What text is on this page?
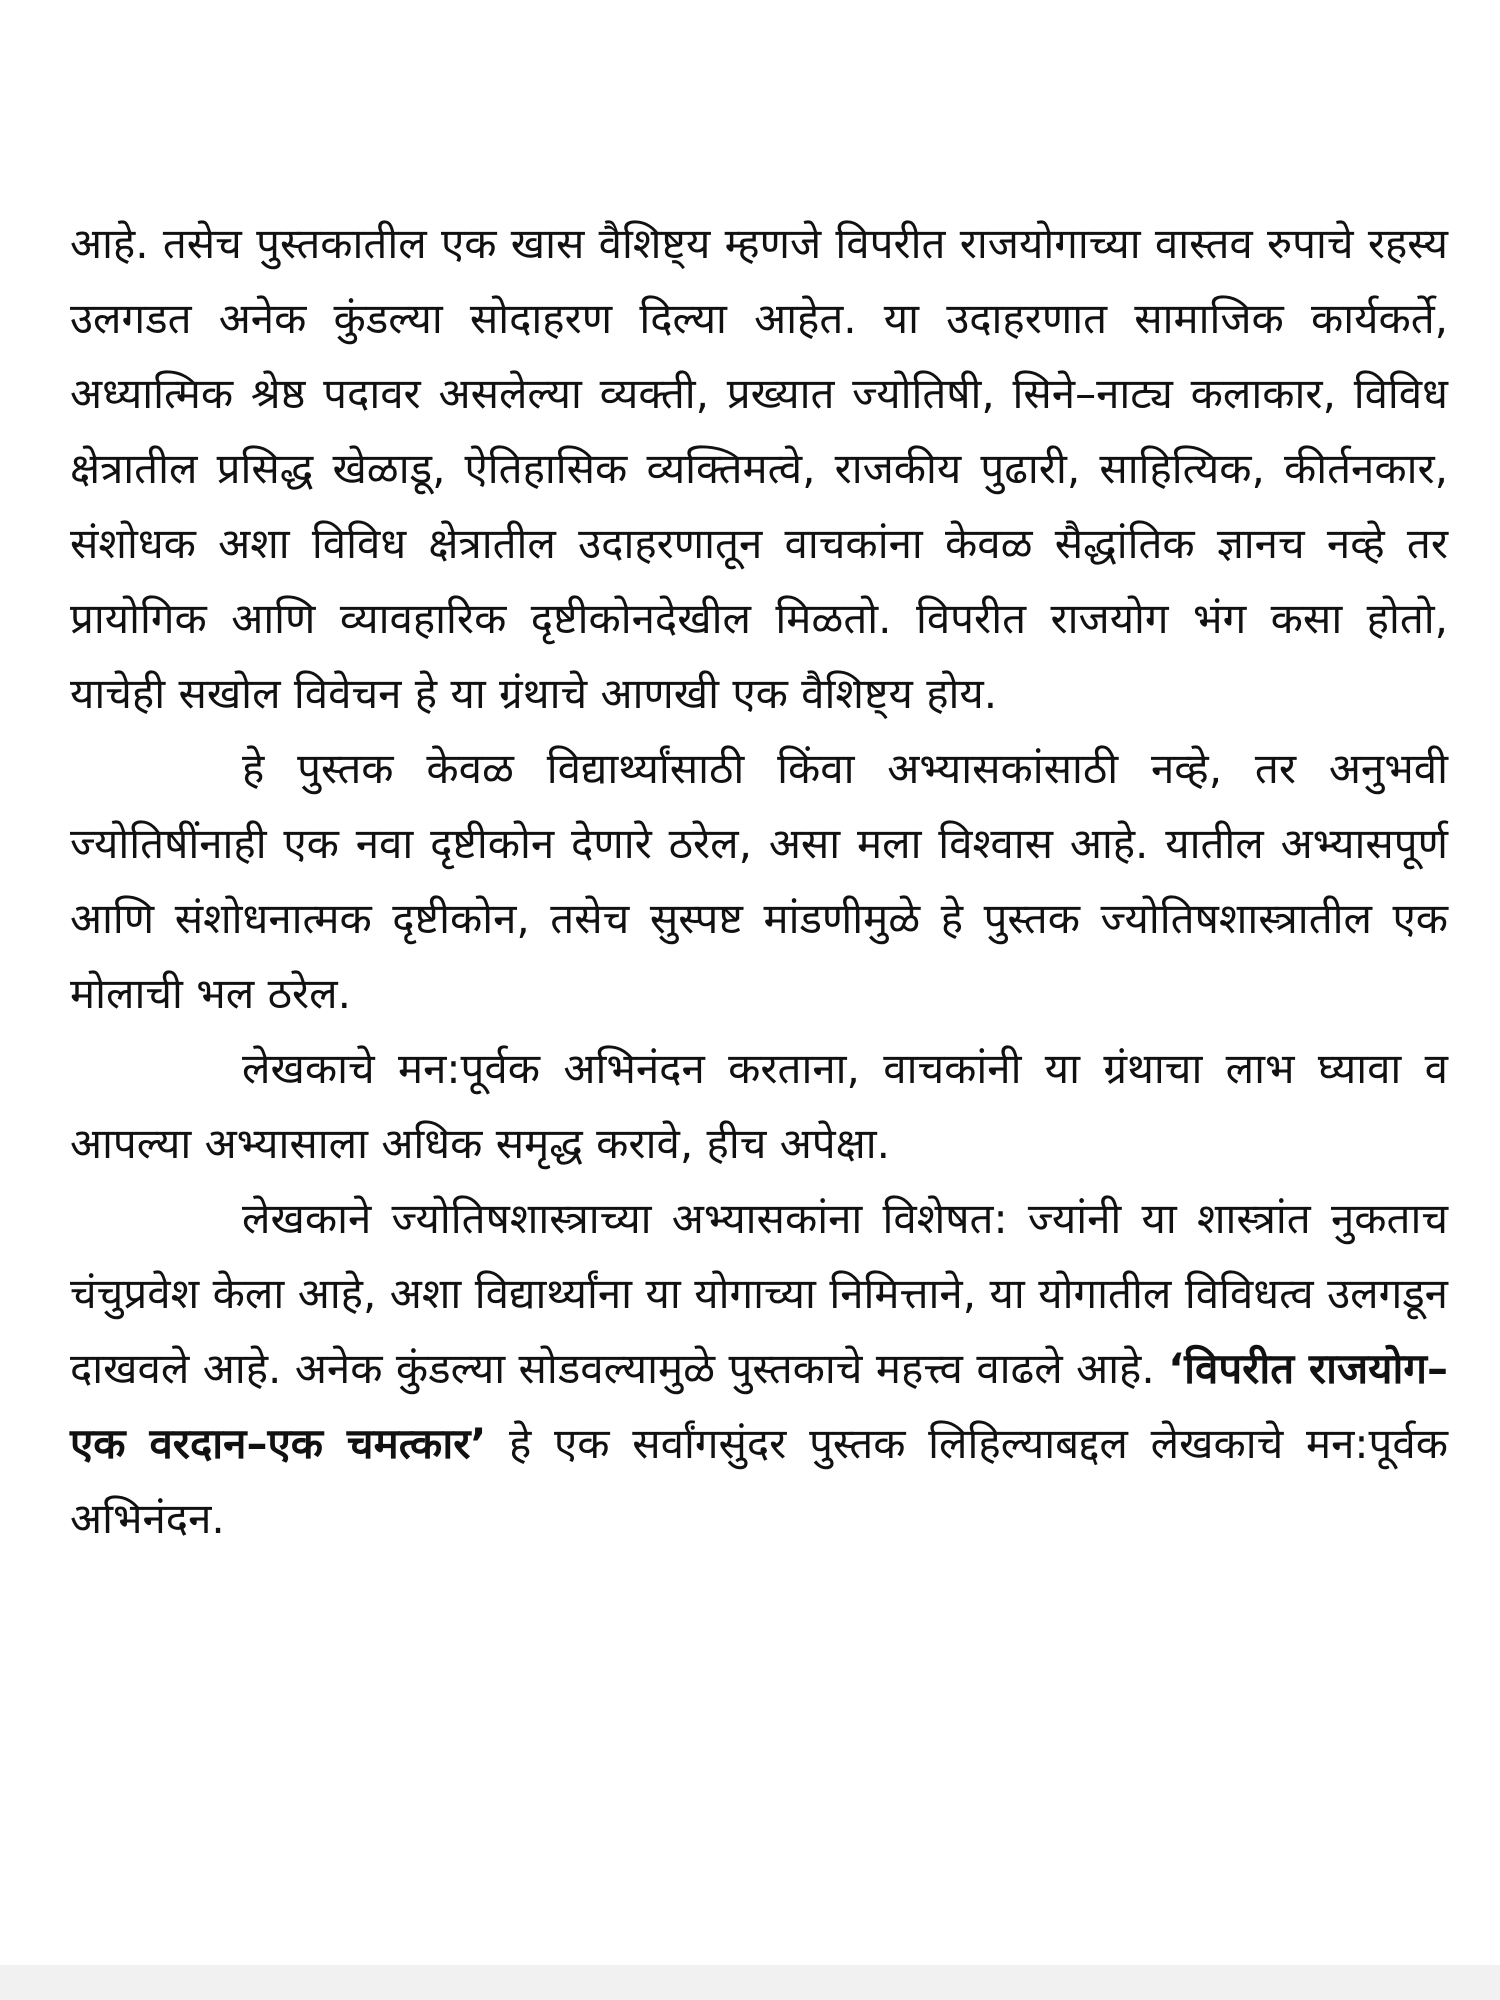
आहे. तसेच पुस्तकातील एक खास वैशिष्ट्य म्हणजे विपरीत राजयोगाच्या वास्तव रुपाचे रहस्य उलगडत अनेक कुंडल्या सोदाहरण दिल्या आहेत. या उदाहरणात सामाजिक कार्यकर्ते, अध्यात्मिक श्रेष्ठ पदावर असलेल्या व्यक्ती, प्रख्यात ज्योतिषी, सिने–नाट्य कलाकार, विविध क्षेत्रातील प्रसिद्ध खेळाडू, ऐतिहासिक व्यक्तिमत्वे, राजकीय पुढारी, साहित्यिक, कीर्तनकार, संशोधक अशा विविध क्षेत्रातील उदाहरणातून वाचकांना केवळ सैद्धांतिक ज्ञानच नव्हे तर प्रायोगिक आणि व्यावहारिक दृष्टीकोनदेखील मिळतो. विपरीत राजयोग भंग कसा होतो, याचेही सखोल विवेचन हे या ग्रंथाचे आणखी एक वैशिष्ट्य होय.

हे पुस्तक केवळ विद्यार्थ्यांसाठी किंवा अभ्यासकांसाठी नव्हे, तर अनुभवी ज्योतिषींनाही एक नवा दृष्टीकोन देणारे ठरेल, असा मला विश्वास आहे. यातील अभ्यासपूर्ण आणि संशोधनात्मक दृष्टीकोन, तसेच सुस्पष्ट मांडणीमुळे हे पुस्तक ज्योतिषशास्त्रातील एक मोलाची भल ठरेल.

लेखकाचे मन:पूर्वक अभिनंदन करताना, वाचकांनी या ग्रंथाचा लाभ घ्यावा व आपल्या अभ्यासाला अधिक समृद्ध करावे, हीच अपेक्षा.

लेखकाने ज्योतिषशास्त्राच्या अभ्यासकांना विशेषत: ज्यांनी या शास्त्रांत नुकताच चंचुप्रवेश केला आहे, अशा विद्यार्थ्यांना या योगाच्या निमित्ताने, या योगातील विविधत्व उलगडून दाखवले आहे. अनेक कुंडल्या सोडवल्यामुळे पुस्तकाचे महत्त्व वाढले आहे. ‘विपरीत राजयोग–एक वरदान–एक चमत्कार’ हे एक सर्वांगसुंदर पुस्तक लिहिल्याबद्दल लेखकाचे मन:पूर्वक अभिनंदन.
